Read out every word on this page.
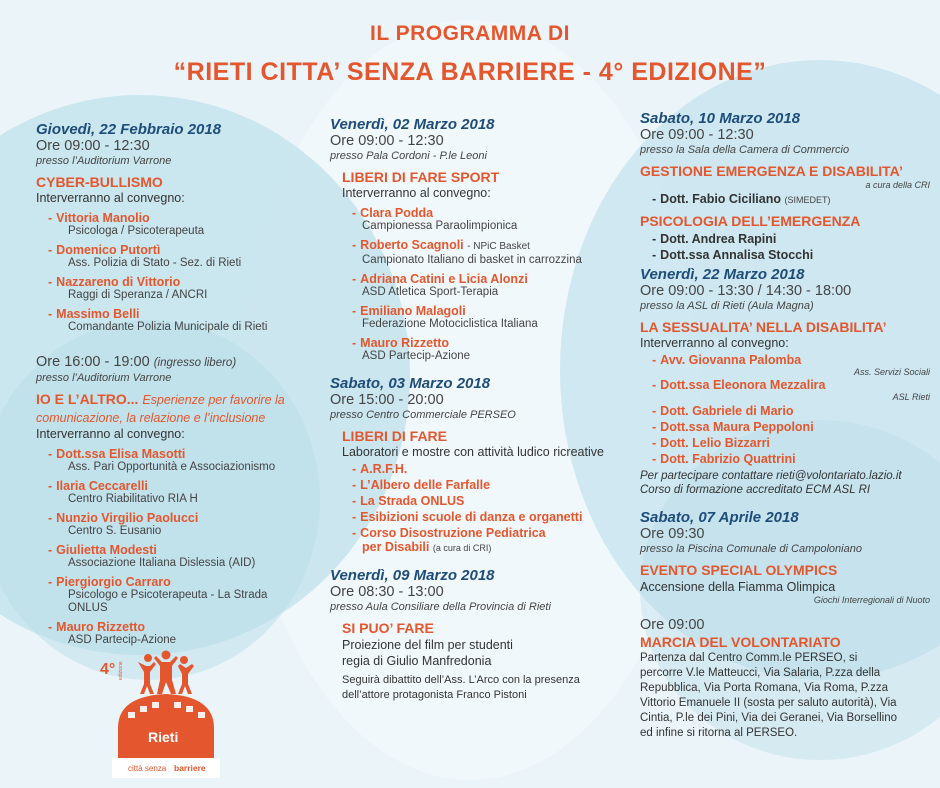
IL PROGRAMMA DI
“RIETI CITTA’ SENZA BARRIERE - 4° EDIZIONE”
Giovedì, 22 Febbraio 2018
Ore 09:00 - 12:30
presso l’Auditorium Varrone
CYBER-BULLISMO
Interverranno al convegno:
- Vittoria Manolio
Psicologa / Psicoterapeuta
- Domenico Putortì
Ass. Polizia di Stato - Sez. di Rieti
- Nazzareno di Vittorio
Raggi di Speranza / ANCRI
- Massimo Belli
Comandante Polizia Municipale di Rieti
Ore 16:00 - 19:00 (ingresso libero)
presso l’Auditorium Varrone
IO E L’ALTRO... Esperienze per favorire la comunicazione, la relazione e l’inclusione
Interverranno al convegno:
- Dott.ssa Elisa Masotti
Ass. Pari Opportunità e Associazionismo
- Ilaria Ceccarelli
Centro Riabilitativo RIA H
- Nunzio Virgilio Paolucci
Centro S. Eusanio
- Giulietta Modesti
Associazione Italiana Dislessia (AID)
- Piergiorgio Carraro
Psicologo e Psicoterapeuta - La Strada ONLUS
- Mauro Rizzetto
ASD Partecip-Azione
Venerdì, 02 Marzo 2018
Ore 09:00 - 12:30
presso Pala Cordoni - P.le Leoni
LIBERI DI FARE SPORT
Interverranno al convegno:
- Clara Podda
Campionessa Paraolimpionica
- Roberto Scagnoli - NPiC Basket
Campionato Italiano di basket in carrozzina
- Adriana Catini e Licia Alonzi
ASD Atletica Sport-Terapia
- Emiliano Malagoli
Federazione Motociclistica Italiana
- Mauro Rizzetto
ASD Partecip-Azione
Sabato, 03 Marzo 2018
Ore 15:00 - 20:00
presso Centro Commerciale PERSEO
LIBERI DI FARE
Laboratori e mostre con attività ludico ricreative
- A.R.F.H.
- L’Albero delle Farfalle
- La Strada ONLUS
- Esibizioni scuole di danza e organetti
- Corso Disostruzione Pediatrica
per Disabili (a cura di CRI)
Venerdì, 09 Marzo 2018
Ore 08:30 - 13:00
presso Aula Consiliare della Provincia di Rieti
SI PUO’ FARE
Proiezione del film per studenti
regia di Giulio Manfredonia
Seguirà dibattito dell’Ass. L’Arco con la presenza dell’attore protagonista Franco Pistoni
Sabato, 10 Marzo 2018
Ore 09:00 - 12:30
presso la Sala della Camera di Commercio
GESTIONE EMERGENZA E DISABILITA’
a cura della CRI
- Dott. Fabio Ciciliano (SIMEDET)
PSICOLOGIA DELL’EMERGENZA
- Dott. Andrea Rapini
- Dott.ssa Annalisa Stocchi
Venerdì, 22 Marzo 2018
Ore 09:00 - 13:30 / 14:30 - 18:00
presso la ASL di Rieti (Aula Magna)
LA SESSUALITA’ NELLA DISABILITA’
Interverranno al convegno:
- Avv. Giovanna Palomba
Ass. Servizi Sociali
- Dott.ssa Eleonora Mezzalira
ASL Rieti
- Dott. Gabriele di Mario
- Dott.ssa Maura Peppoloni
- Dott. Lelio Bizzarri
- Dott. Fabrizio Quattrini
Per partecipare contattare rieti@volontariato.lazio.it
Corso di formazione accreditato ECM ASL RI
Sabato, 07 Aprile 2018
Ore 09:30
presso la Piscina Comunale di Campoloniano
EVENTO SPECIAL OLYMPICS
Accensione della Fiamma Olimpica
Giochi Interregionali di Nuoto
Ore 09:00
MARCIA DEL VOLONTARIATO
Partenza dal Centro Comm.le PERSEO, si percorre V.le Matteucci, Via Salaria, P.zza della Repubblica, Via Porta Romana, Via Roma, P.zza Vittorio Emanuele II (sosta per saluto autorità), Via Cintia, P.le dei Pini, Via dei Geranei, Via Borsellino ed infine si ritorna al PERSEO.
4° edizione
Rieti
città senza barriere
